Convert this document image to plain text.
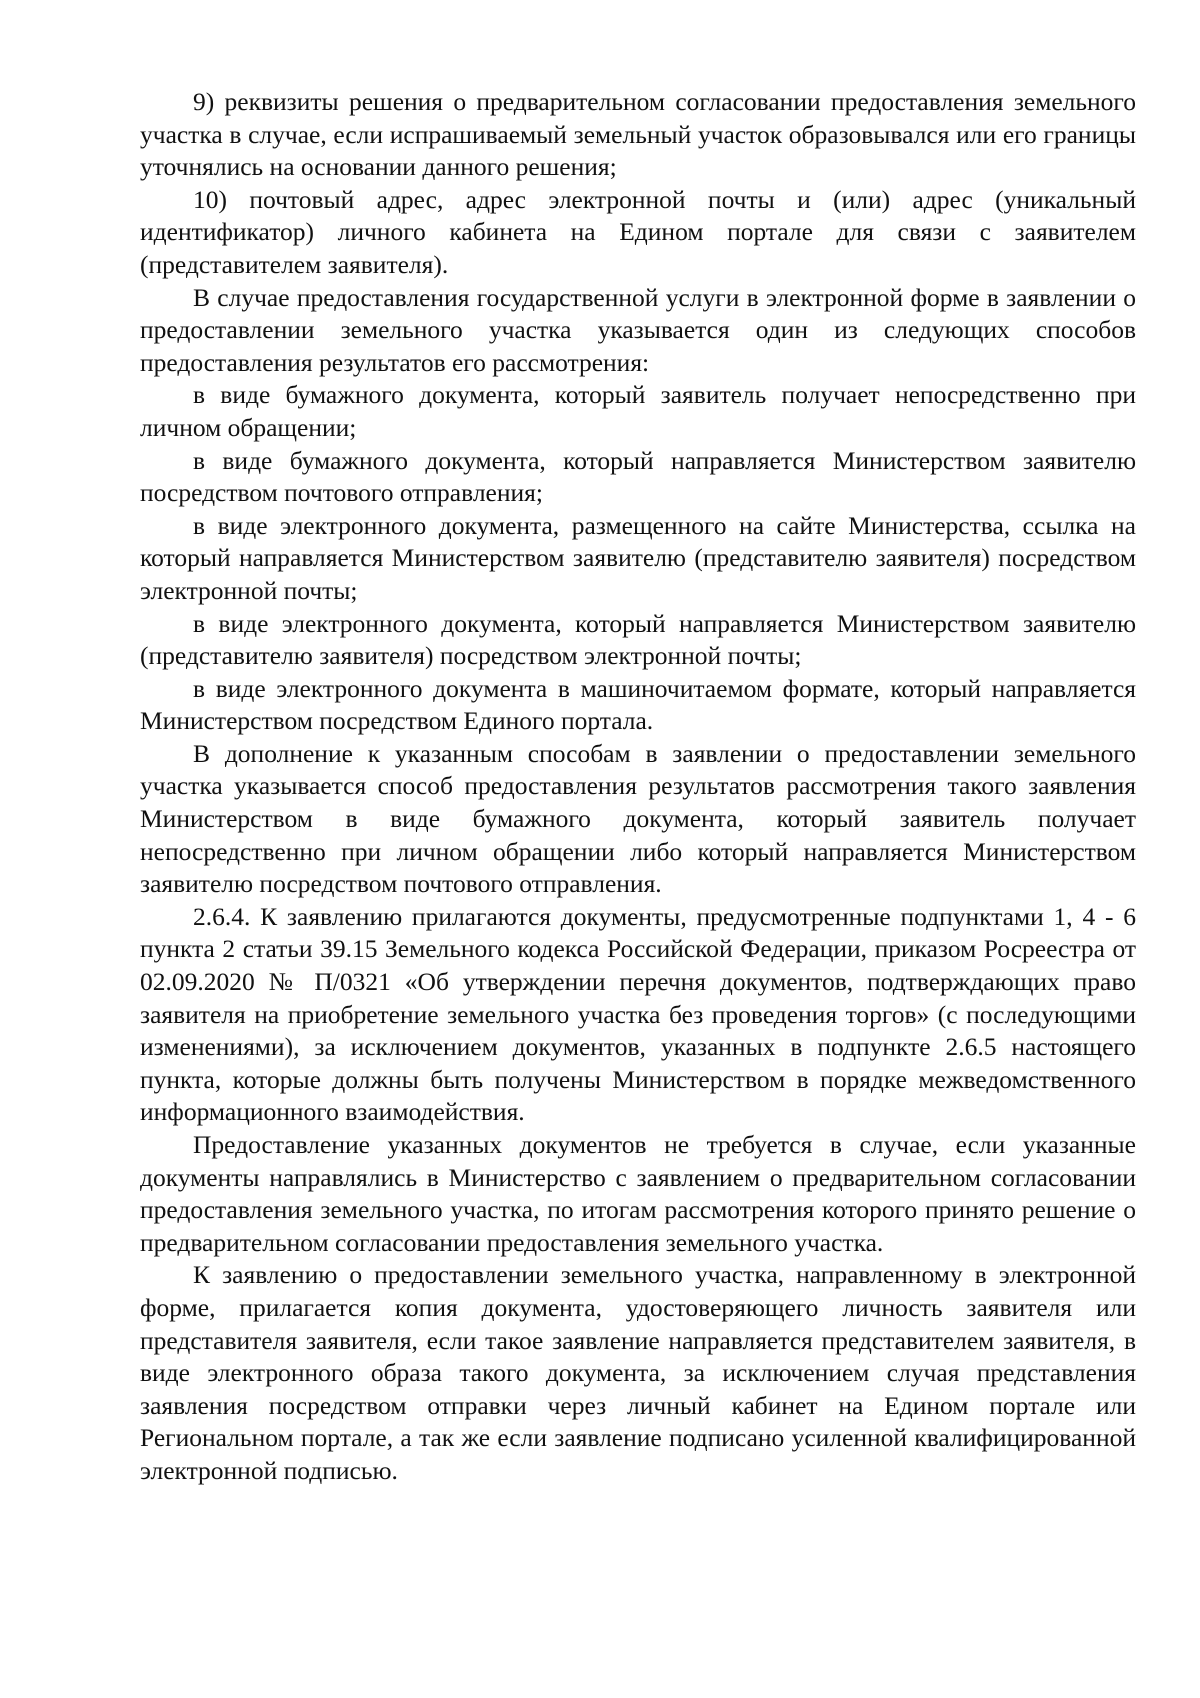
9) реквизиты решения о предварительном согласовании предоставления земельного участка в случае, если испрашиваемый земельный участок образовывался или его границы уточнялись на основании данного решения;

10) почтовый адрес, адрес электронной почты и (или) адрес (уникальный идентификатор) личного кабинета на Едином портале для связи с заявителем (представителем заявителя).

В случае предоставления государственной услуги в электронной форме в заявлении о предоставлении земельного участка указывается один из следующих способов предоставления результатов его рассмотрения:

в виде бумажного документа, который заявитель получает непосредственно при личном обращении;

в виде бумажного документа, который направляется Министерством заявителю посредством почтового отправления;

в виде электронного документа, размещенного на сайте Министерства, ссылка на который направляется Министерством заявителю (представителю заявителя) посредством электронной почты;

в виде электронного документа, который направляется Министерством заявителю (представителю заявителя) посредством электронной почты;

в виде электронного документа в машиночитаемом формате, который направляется Министерством посредством Единого портала.

В дополнение к указанным способам в заявлении о предоставлении земельного участка указывается способ предоставления результатов рассмотрения такого заявления Министерством в виде бумажного документа, который заявитель получает непосредственно при личном обращении либо который направляется Министерством заявителю посредством почтового отправления.

2.6.4. К заявлению прилагаются документы, предусмотренные подпунктами 1, 4 - 6 пункта 2 статьи 39.15 Земельного кодекса Российской Федерации, приказом Росреестра от 02.09.2020 № П/0321 «Об утверждении перечня документов, подтверждающих право заявителя на приобретение земельного участка без проведения торгов» (с последующими изменениями), за исключением документов, указанных в подпункте 2.6.5 настоящего пункта, которые должны быть получены Министерством в порядке межведомственного информационного взаимодействия.

Предоставление указанных документов не требуется в случае, если указанные документы направлялись в Министерство с заявлением о предварительном согласовании предоставления земельного участка, по итогам рассмотрения которого принято решение о предварительном согласовании предоставления земельного участка.

К заявлению о предоставлении земельного участка, направленному в электронной форме, прилагается копия документа, удостоверяющего личность заявителя или представителя заявителя, если такое заявление направляется представителем заявителя, в виде электронного образа такого документа, за исключением случая представления заявления посредством отправки через личный кабинет на Едином портале или Региональном портале, а так же если заявление подписано усиленной квалифицированной электронной подписью.
